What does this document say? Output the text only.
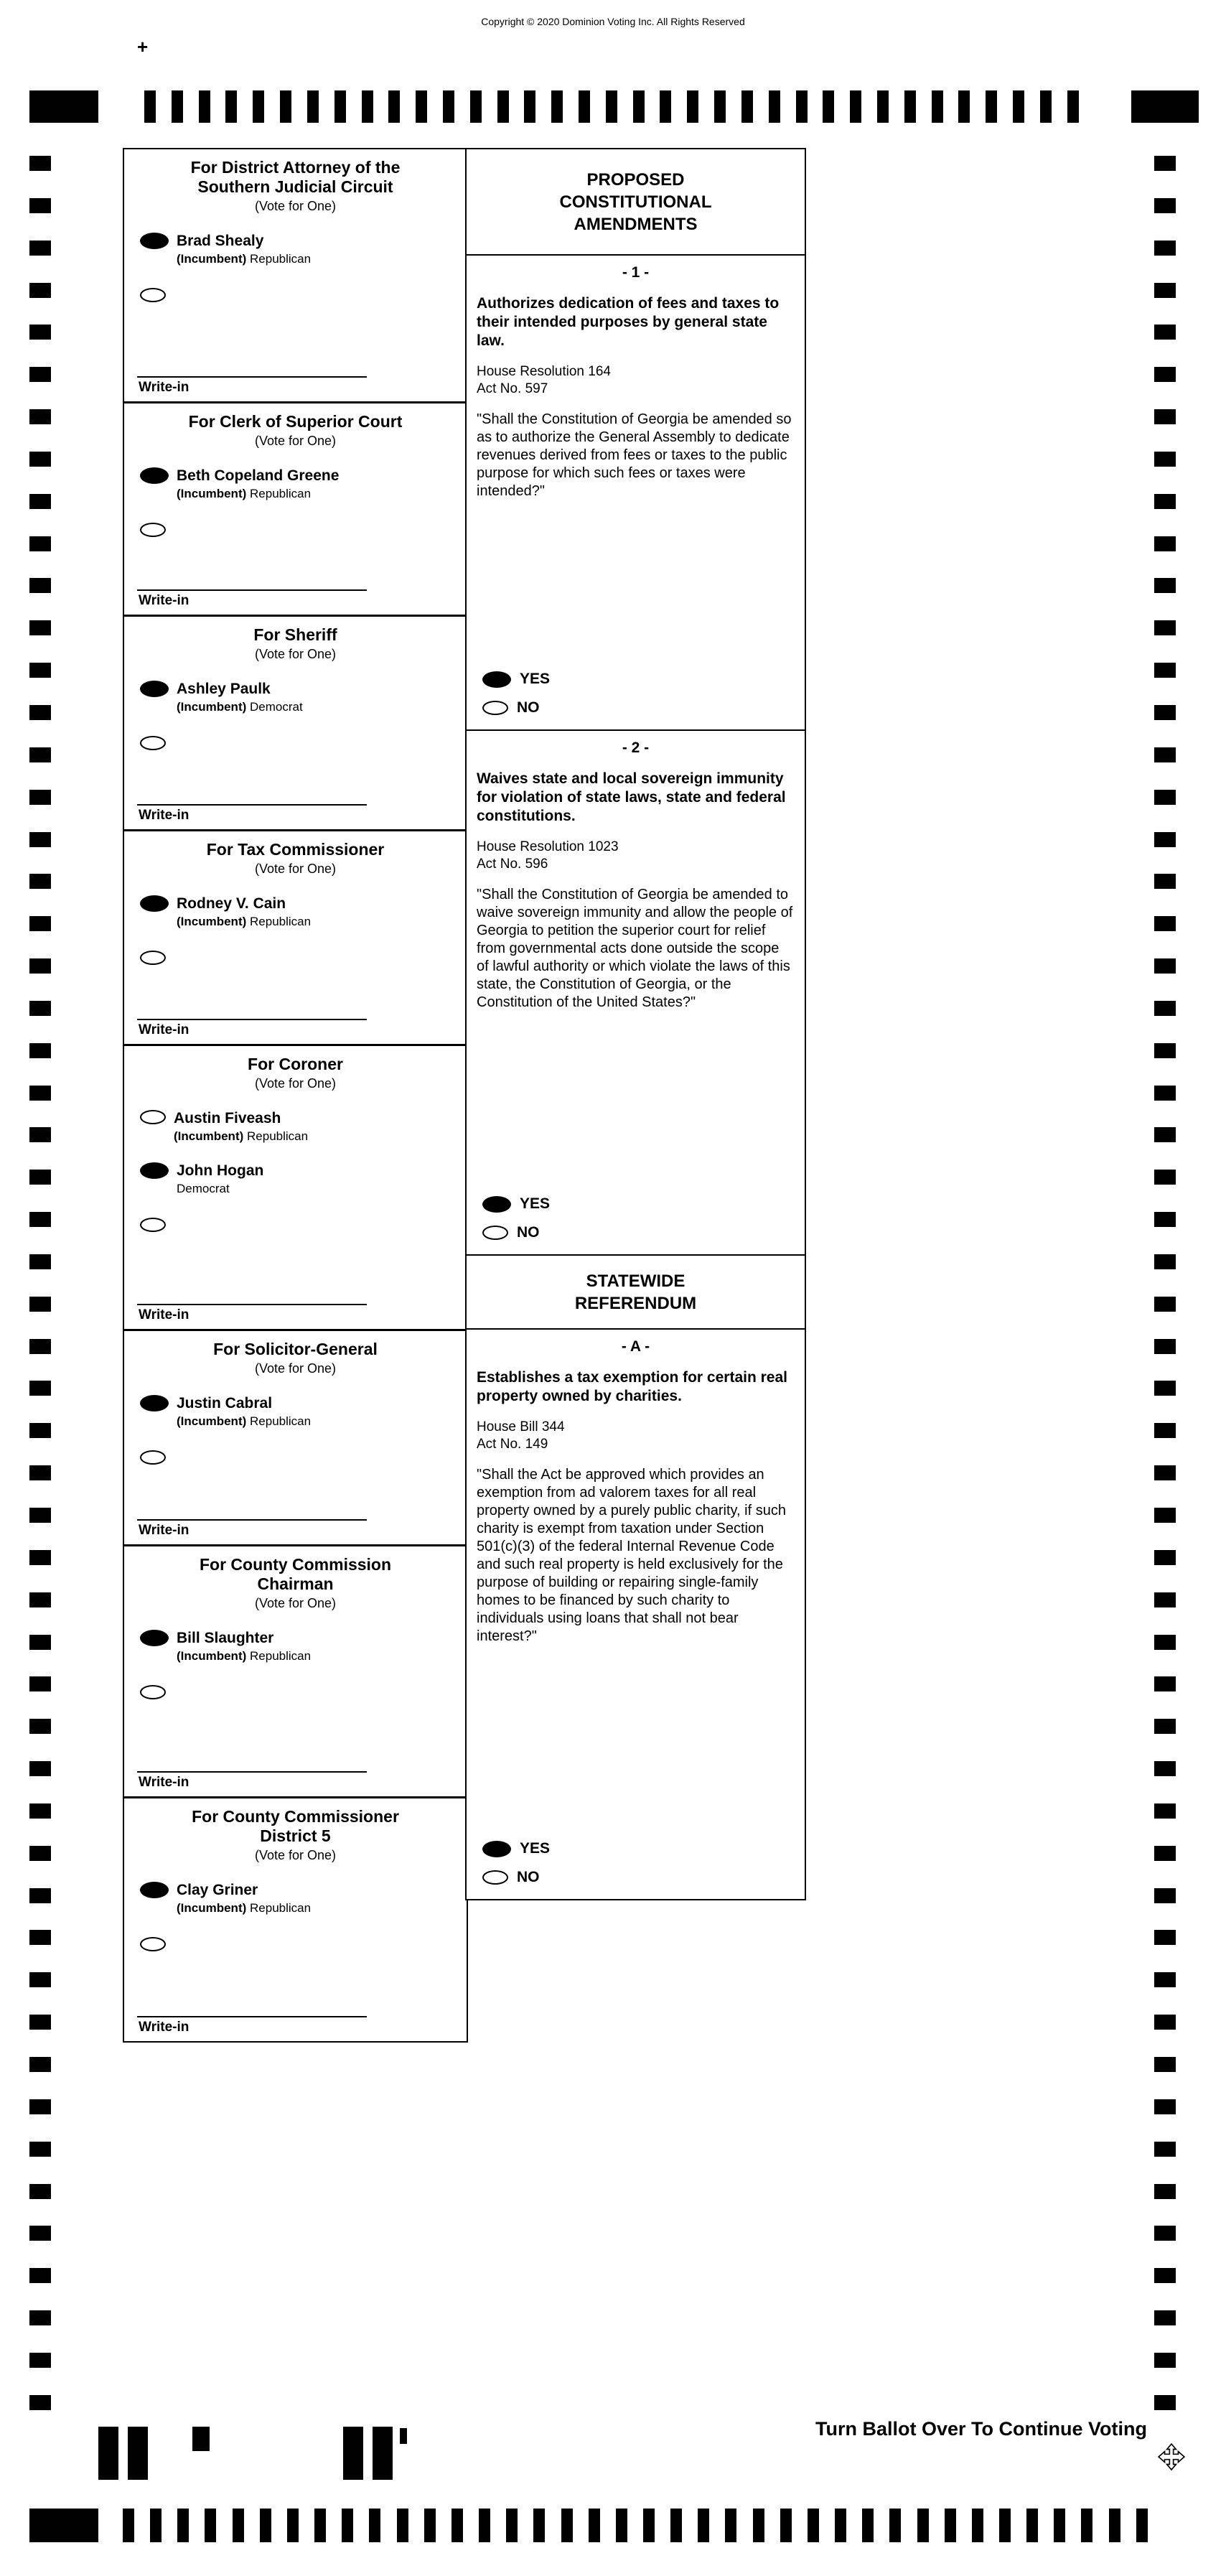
Copyright © 2020 Dominion Voting Inc. All Rights Reserved
+
For District Attorney of the
Southern Judicial Circuit
(Vote for One)
Brad Shealy
(Incumbent) Republican
Write-in
For Clerk of Superior Court
(Vote for One)
Beth Copeland Greene
(Incumbent) Republican
Write-in
For Sheriff
(Vote for One)
Ashley Paulk
(Incumbent) Democrat
Write-in
For Tax Commissioner
(Vote for One)
Rodney V. Cain
(Incumbent) Republican
Write-in
For Coroner
(Vote for One)
Austin Fiveash
(Incumbent) Republican
John Hogan
Democrat
Write-in
For Solicitor-General
(Vote for One)
Justin Cabral
(Incumbent) Republican
Write-in
For County Commission
Chairman
(Vote for One)
Bill Slaughter
(Incumbent) Republican
Write-in
For County Commissioner
District 5
(Vote for One)
Clay Griner
(Incumbent) Republican
Write-in
PROPOSED
CONSTITUTIONAL
AMENDMENTS
- 1 -
Authorizes dedication of fees and taxes to their intended purposes by general state law.
House Resolution 164
Act No. 597
"Shall the Constitution of Georgia be amended so as to authorize the General Assembly to dedicate revenues derived from fees or taxes to the public purpose for which such fees or taxes were intended?"
YES
NO
- 2 -
Waives state and local sovereign immunity for violation of state laws, state and federal constitutions.
House Resolution 1023
Act No. 596
"Shall the Constitution of Georgia be amended to waive sovereign immunity and allow the people of Georgia to petition the superior court for relief from governmental acts done outside the scope of lawful authority or which violate the laws of this state, the Constitution of Georgia, or the Constitution of the United States?"
YES
NO
STATEWIDE
REFERENDUM
- A -
Establishes a tax exemption for certain real property owned by charities.
House Bill 344
Act No. 149
"Shall the Act be approved which provides an exemption from ad valorem taxes for all real property owned by a purely public charity, if such charity is exempt from taxation under Section 501(c)(3) of the federal Internal Revenue Code and such real property is held exclusively for the purpose of building or repairing single-family homes to be financed by such charity to individuals using loans that shall not bear interest?"
YES
NO
Turn Ballot Over To Continue Voting
